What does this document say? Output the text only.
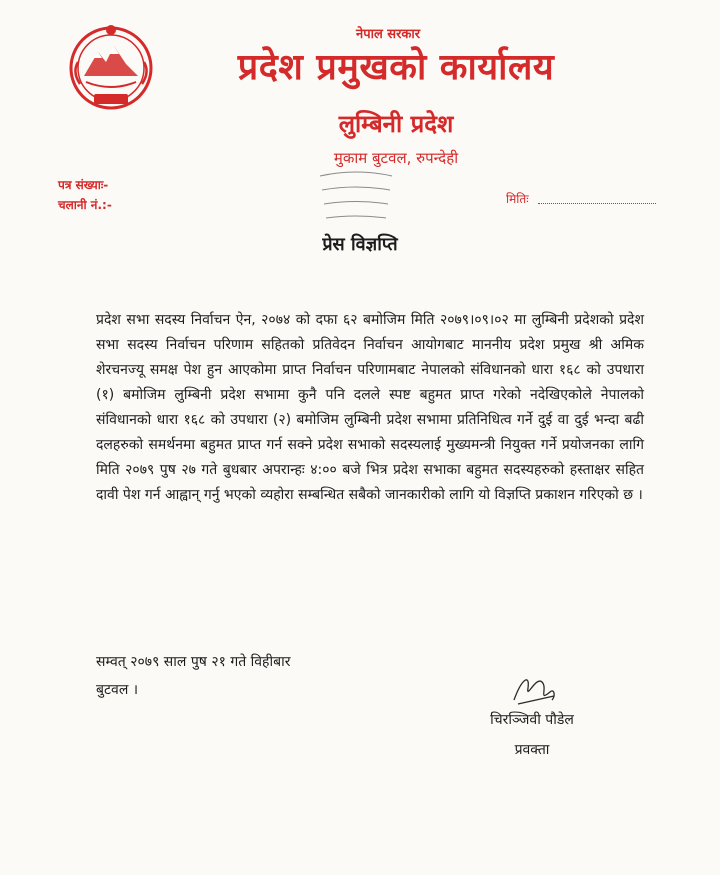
नेपाल सरकार
प्रदेश प्रमुखको कार्यालय
लुम्बिनी प्रदेश
मुकाम बुटवल, रुपन्देही
पत्र संख्याः-
चलानी नं.:-	मितिः
प्रेस विज्ञप्ति
प्रदेश सभा सदस्य निर्वाचन ऐन, २०७४ को दफा ६२ बमोजिम मिति २०७९।०९।०२ मा लुम्बिनी प्रदेशको प्रदेश सभा सदस्य निर्वाचन परिणाम सहितको प्रतिवेदन निर्वाचन आयोगबाट माननीय प्रदेश प्रमुख श्री अमिक शेरचनज्यू समक्ष पेश हुन आएकोमा प्राप्त निर्वाचन परिणामबाट नेपालको संविधानको धारा १६८ को उपधारा (१) बमोजिम लुम्बिनी प्रदेश सभामा कुनै पनि दलले स्पष्ट बहुमत प्राप्त गरेको नदेखिएकोले नेपालको संविधानको धारा १६८ को उपधारा (२) बमोजिम लुम्बिनी प्रदेश सभामा प्रतिनिधित्व गर्ने दुई वा दुई भन्दा बढी दलहरुको समर्थनमा बहुमत प्राप्त गर्न सक्ने प्रदेश सभाको सदस्यलाई मुख्यमन्त्री नियुक्त गर्ने प्रयोजनका लागि मिति २०७९ पुष २७ गते बुधबार अपरान्हः ४:०० बजे भित्र प्रदेश सभाका बहुमत सदस्यहरुको हस्ताक्षर सहित दावी पेश गर्न आह्वान् गर्नु भएको व्यहोरा सम्बन्धित सबैको जानकारीको लागि यो विज्ञप्ति प्रकाशन गरिएको छ ।
सम्वत् २०७९ साल पुष २१ गते विहीबार
बुटवल ।
चिरञ्जिवी पौडेल
प्रवक्ता
